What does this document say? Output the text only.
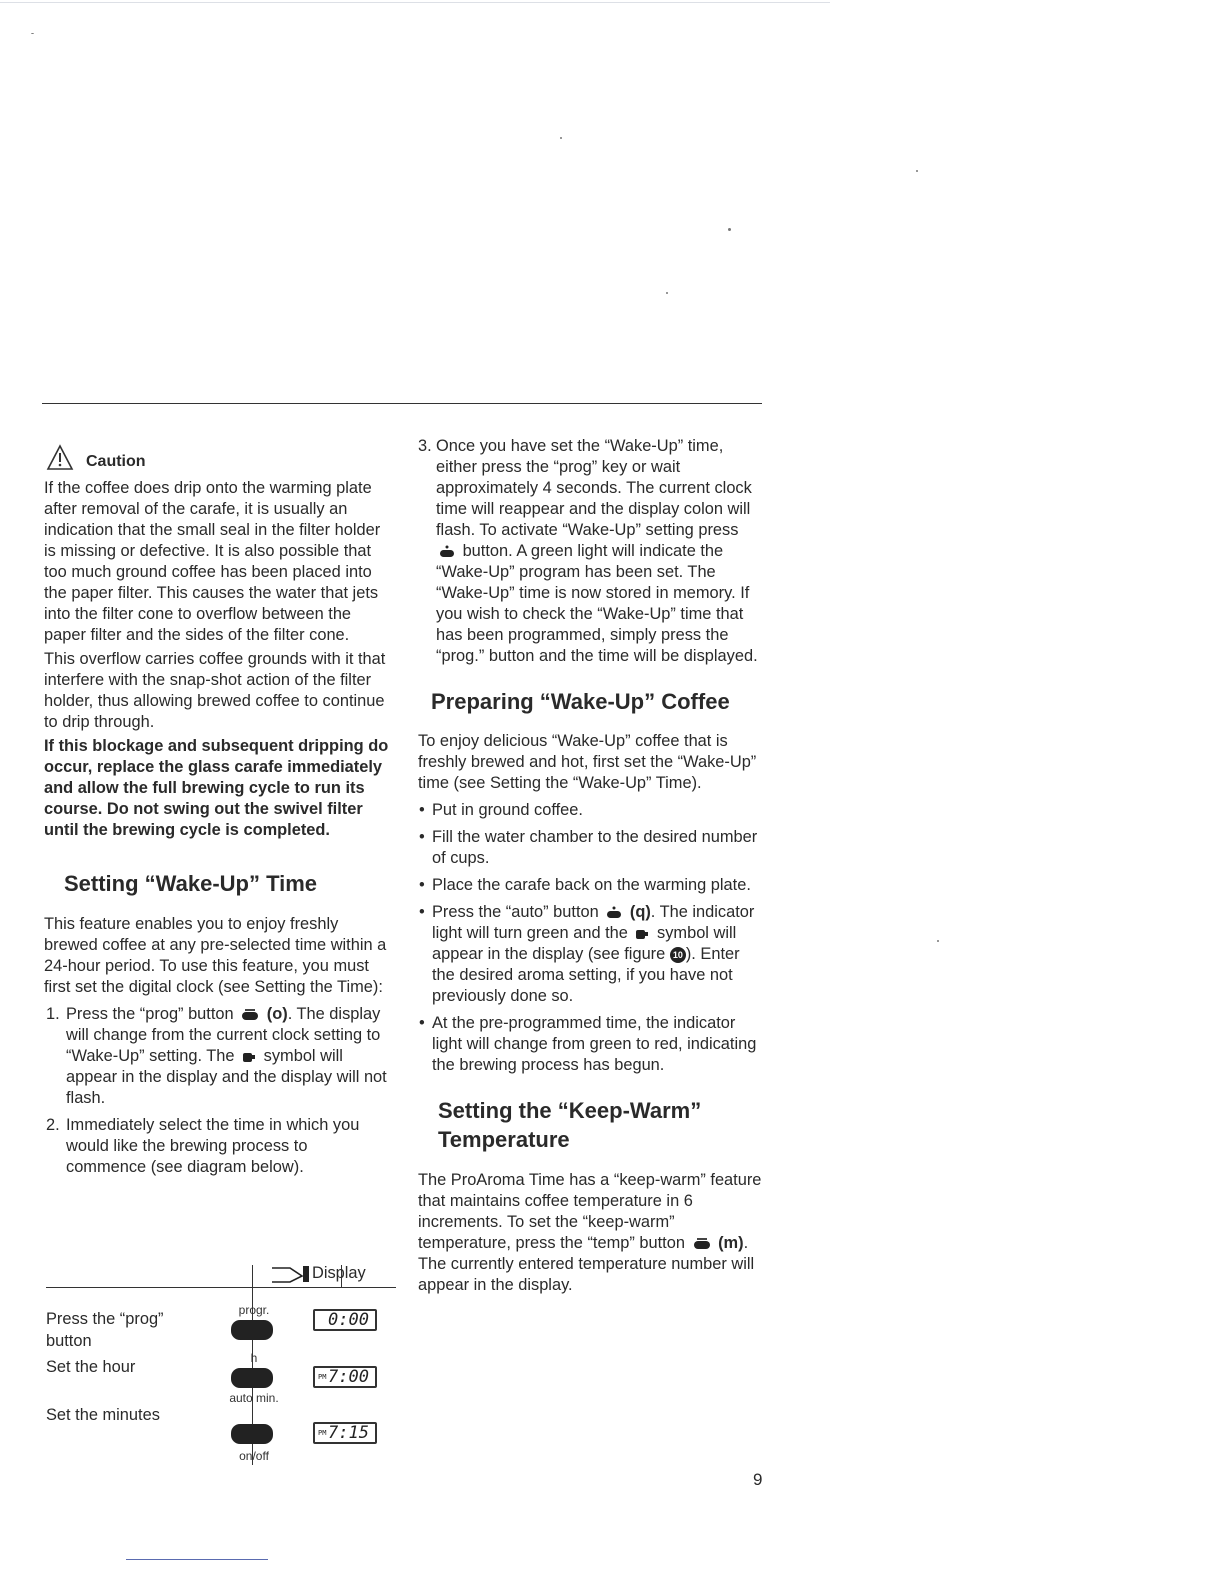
Caution

If the coffee does drip onto the warming plate after removal of the carafe, it is usually an indication that the small seal in the filter holder is missing or defective. It is also possible that too much ground coffee has been placed into the paper filter. This causes the water that jets into the filter cone to overflow between the paper filter and the sides of the filter cone.

This overflow carries coffee grounds with it that interfere with the snap-shot action of the filter holder, thus allowing brewed coffee to continue to drip through.

If this blockage and subsequent dripping do occur, replace the glass carafe immediately and allow the full brewing cycle to run its course. Do not swing out the swivel filter until the brewing cycle is completed.

Setting “Wake-Up” Time

This feature enables you to enjoy freshly brewed coffee at any pre-selected time within a 24-hour period. To use this feature, you must first set the digital clock (see Setting the Time):

1. Press the “prog” button (o). The display will change from the current clock setting to “Wake-Up” setting. The symbol will appear in the display and the display will not flash.
2. Immediately select the time in which you would like the brewing process to commence (see diagram below).
Display
Press the “prog” button
progr.	0:00
Set the hour	h
PM 7:00
Set the minutes
auto min.
PM 7:15
on/off
3. Once you have set the “Wake-Up” time, either press the “prog” key or wait approximately 4 seconds. The current clock time will reappear and the display colon will flash. To activate “Wake-Up” setting press  button. A green light will indicate the “Wake-Up” program has been set. The “Wake-Up” time is now stored in memory. If you wish to check the “Wake-Up” time that has been programmed, simply press the “prog.” button and the time will be displayed.
Preparing “Wake-Up” Coffee

To enjoy delicious “Wake-Up” coffee that is freshly brewed and hot, first set the “Wake-Up” time (see Setting the “Wake-Up” Time).

• Put in ground coffee.
• Fill the water chamber to the desired number of cups.
• Place the carafe back on the warming plate.
• Press the “auto” button (q). The indicator light will turn green and the symbol will appear in the display (see figure 10 ). Enter the desired aroma setting, if you have not previously done so.
• At the pre-programmed time, the indicator light will change from green to red, indicating the brewing process has begun.
Setting the “Keep-Warm” Temperature

The ProAroma Time has a “keep-warm” feature that maintains coffee temperature in 6 increments. To set the “keep-warm” temperature, press the “temp” button (m). The currently entered temperature number will appear in the display.

9
